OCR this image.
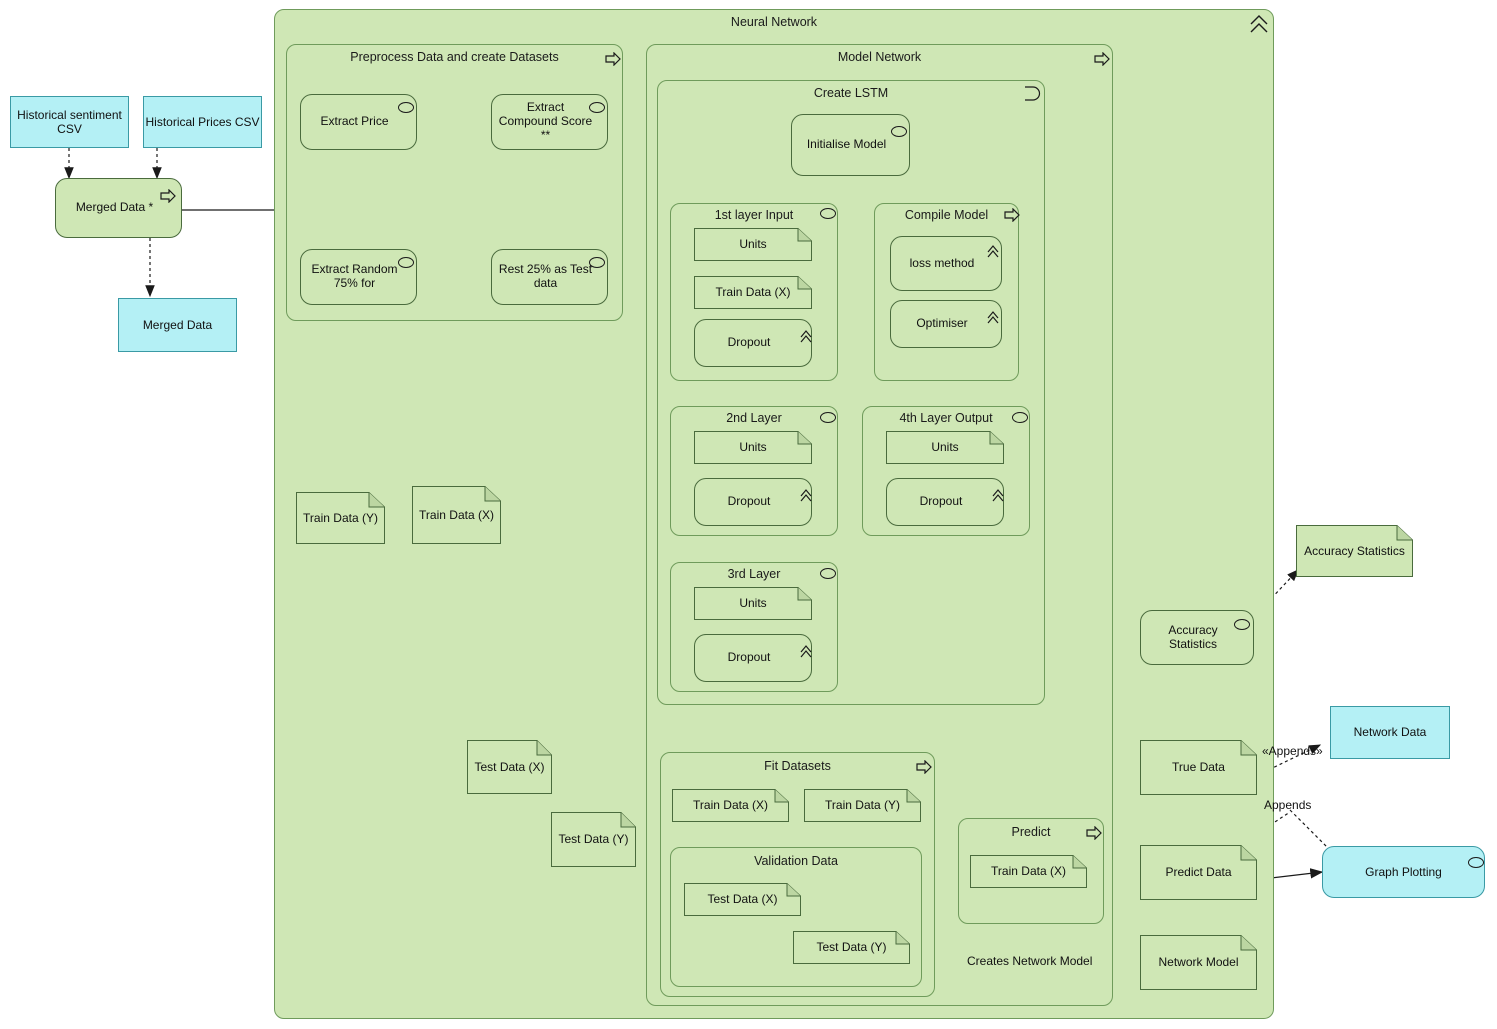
Neural Network
Preprocess Data and create Datasets	Model Network
Create LSTM
Historical sentiment CSV
Historical Prices CSV
Merged Data *
Merged Data
Extract Price
Extract Compound Score **
Extract Random 75% for
Rest 25% as Test data
Train Data (Y)	Train Data (X)
Test Data (X)
Test Data (Y)
Initialise Model
1st layer Input
Units
Train Data (X)
Dropout
Compile Model
loss method
Optimiser
2nd Layer
Units
Dropout
4th Layer Output
Units
Dropout
3rd Layer
Units
Dropout
Fit Datasets
Train Data (X)	Train Data (Y)
Validation Data
Test Data (X)
Test Data (Y)
Predict
Train Data (X)
Accuracy Statistics
Accuracy Statistics
True Data
Predict Data
Network Model
Network Data
Graph Plotting
«Appends»
Appends
Creates Network Model
